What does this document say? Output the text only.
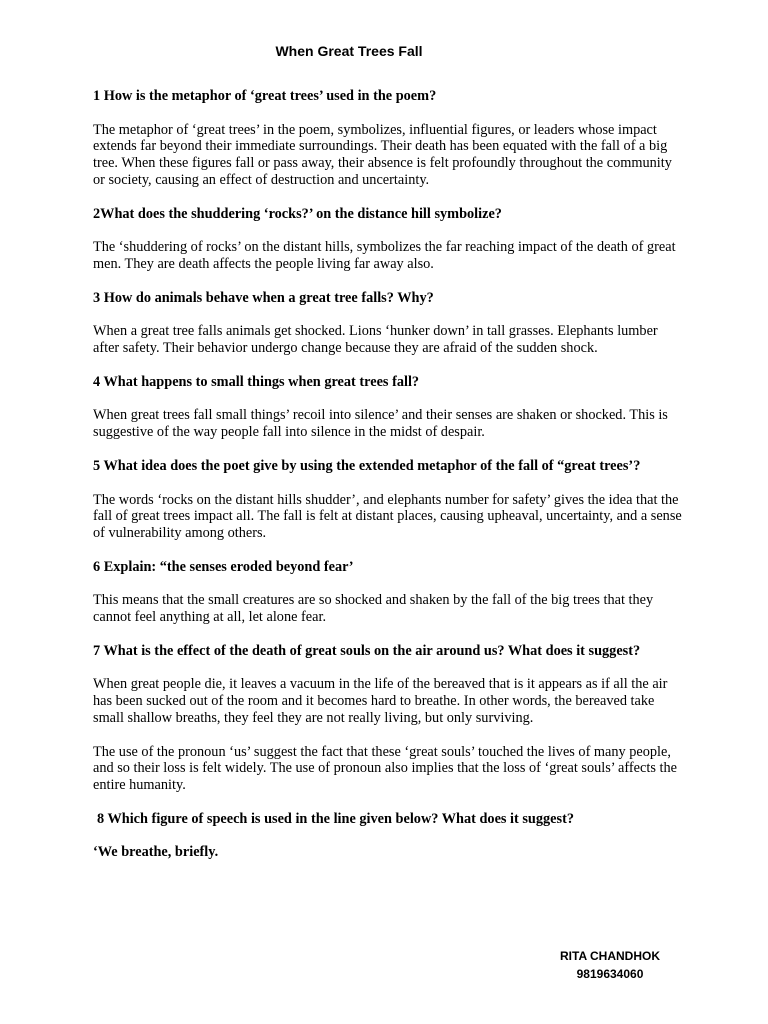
When Great Trees Fall

1 How is the metaphor of ‘great trees’ used in the poem?

The metaphor of ‘great trees’ in the poem, symbolizes, influential figures, or leaders whose impact extends far beyond their immediate surroundings. Their death has been equated with the fall of a big tree. When these figures fall or pass away, their absence is felt profoundly throughout the community or society, causing an effect of destruction and uncertainty.

2What does the shuddering ‘rocks?’ on the distance hill symbolize?

The ‘shuddering of rocks’ on the distant hills, symbolizes the far reaching impact of the death of great men. They are death affects the people living far away also.

3 How do animals behave when a great tree falls? Why?

When a great tree falls animals get shocked. Lions ‘hunker down’ in tall grasses. Elephants lumber after safety. Their behavior undergo change because they are afraid of the sudden shock.

4 What happens to small things when great trees fall?

When great trees fall small things’ recoil into silence’ and their senses are shaken or shocked. This is suggestive of the way people fall into silence in the midst of despair.

5 What idea does the poet give by using the extended metaphor of the fall of “great trees’?

The words ‘rocks on the distant hills shudder’, and elephants number for safety’ gives the idea that the fall of great trees impact all. The fall is felt at distant places, causing upheaval, uncertainty, and a sense of vulnerability among others.

6 Explain: “the senses eroded beyond fear’

This means that the small creatures are so shocked and shaken by the fall of the big trees that they cannot feel anything at all, let alone fear.

7 What is the effect of the death of great souls on the air around us? What does it suggest?

When great people die, it leaves a vacuum in the life of the bereaved that is it appears as if all the air has been sucked out of the room and it becomes hard to breathe. In other words, the bereaved take small shallow breaths, they feel they are not really living, but only surviving.

The use of the pronoun ‘us’ suggest the fact that these ‘great souls’ touched the lives of many people, and so their loss is felt widely. The use of pronoun also implies that the loss of ‘great souls’ affects the entire humanity.

8 Which figure of speech is used in the line given below? What does it suggest?

‘We breathe, briefly.

RITA CHANDHOK
9819634060
